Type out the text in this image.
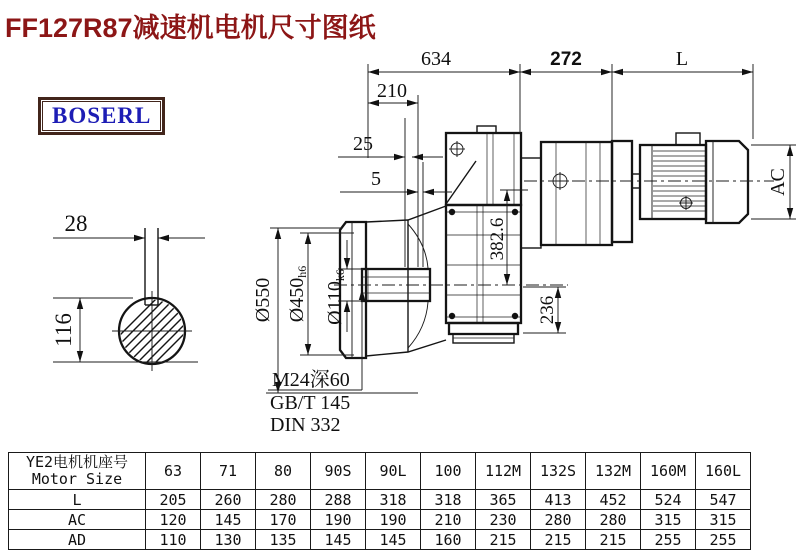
FF127R87减速机电机尺寸图纸
BOSERL
28
116
634	272	L
210
25
5
Ø550 Ø450h6
Ø110k6
382.6
236
AC
M24深60
GB/T 145
DIN 332
YE2电机机座号
Motor Size	63	71	80	90S	90L	100	112M	132S	132M	160M	160L
L	205	260	280	288	318	318	365	413	452	524	547
AC	120	145	170	190	190	210	230	280	280	315	315
AD	110	130	135	145	145	160	215	215	215	255	255
